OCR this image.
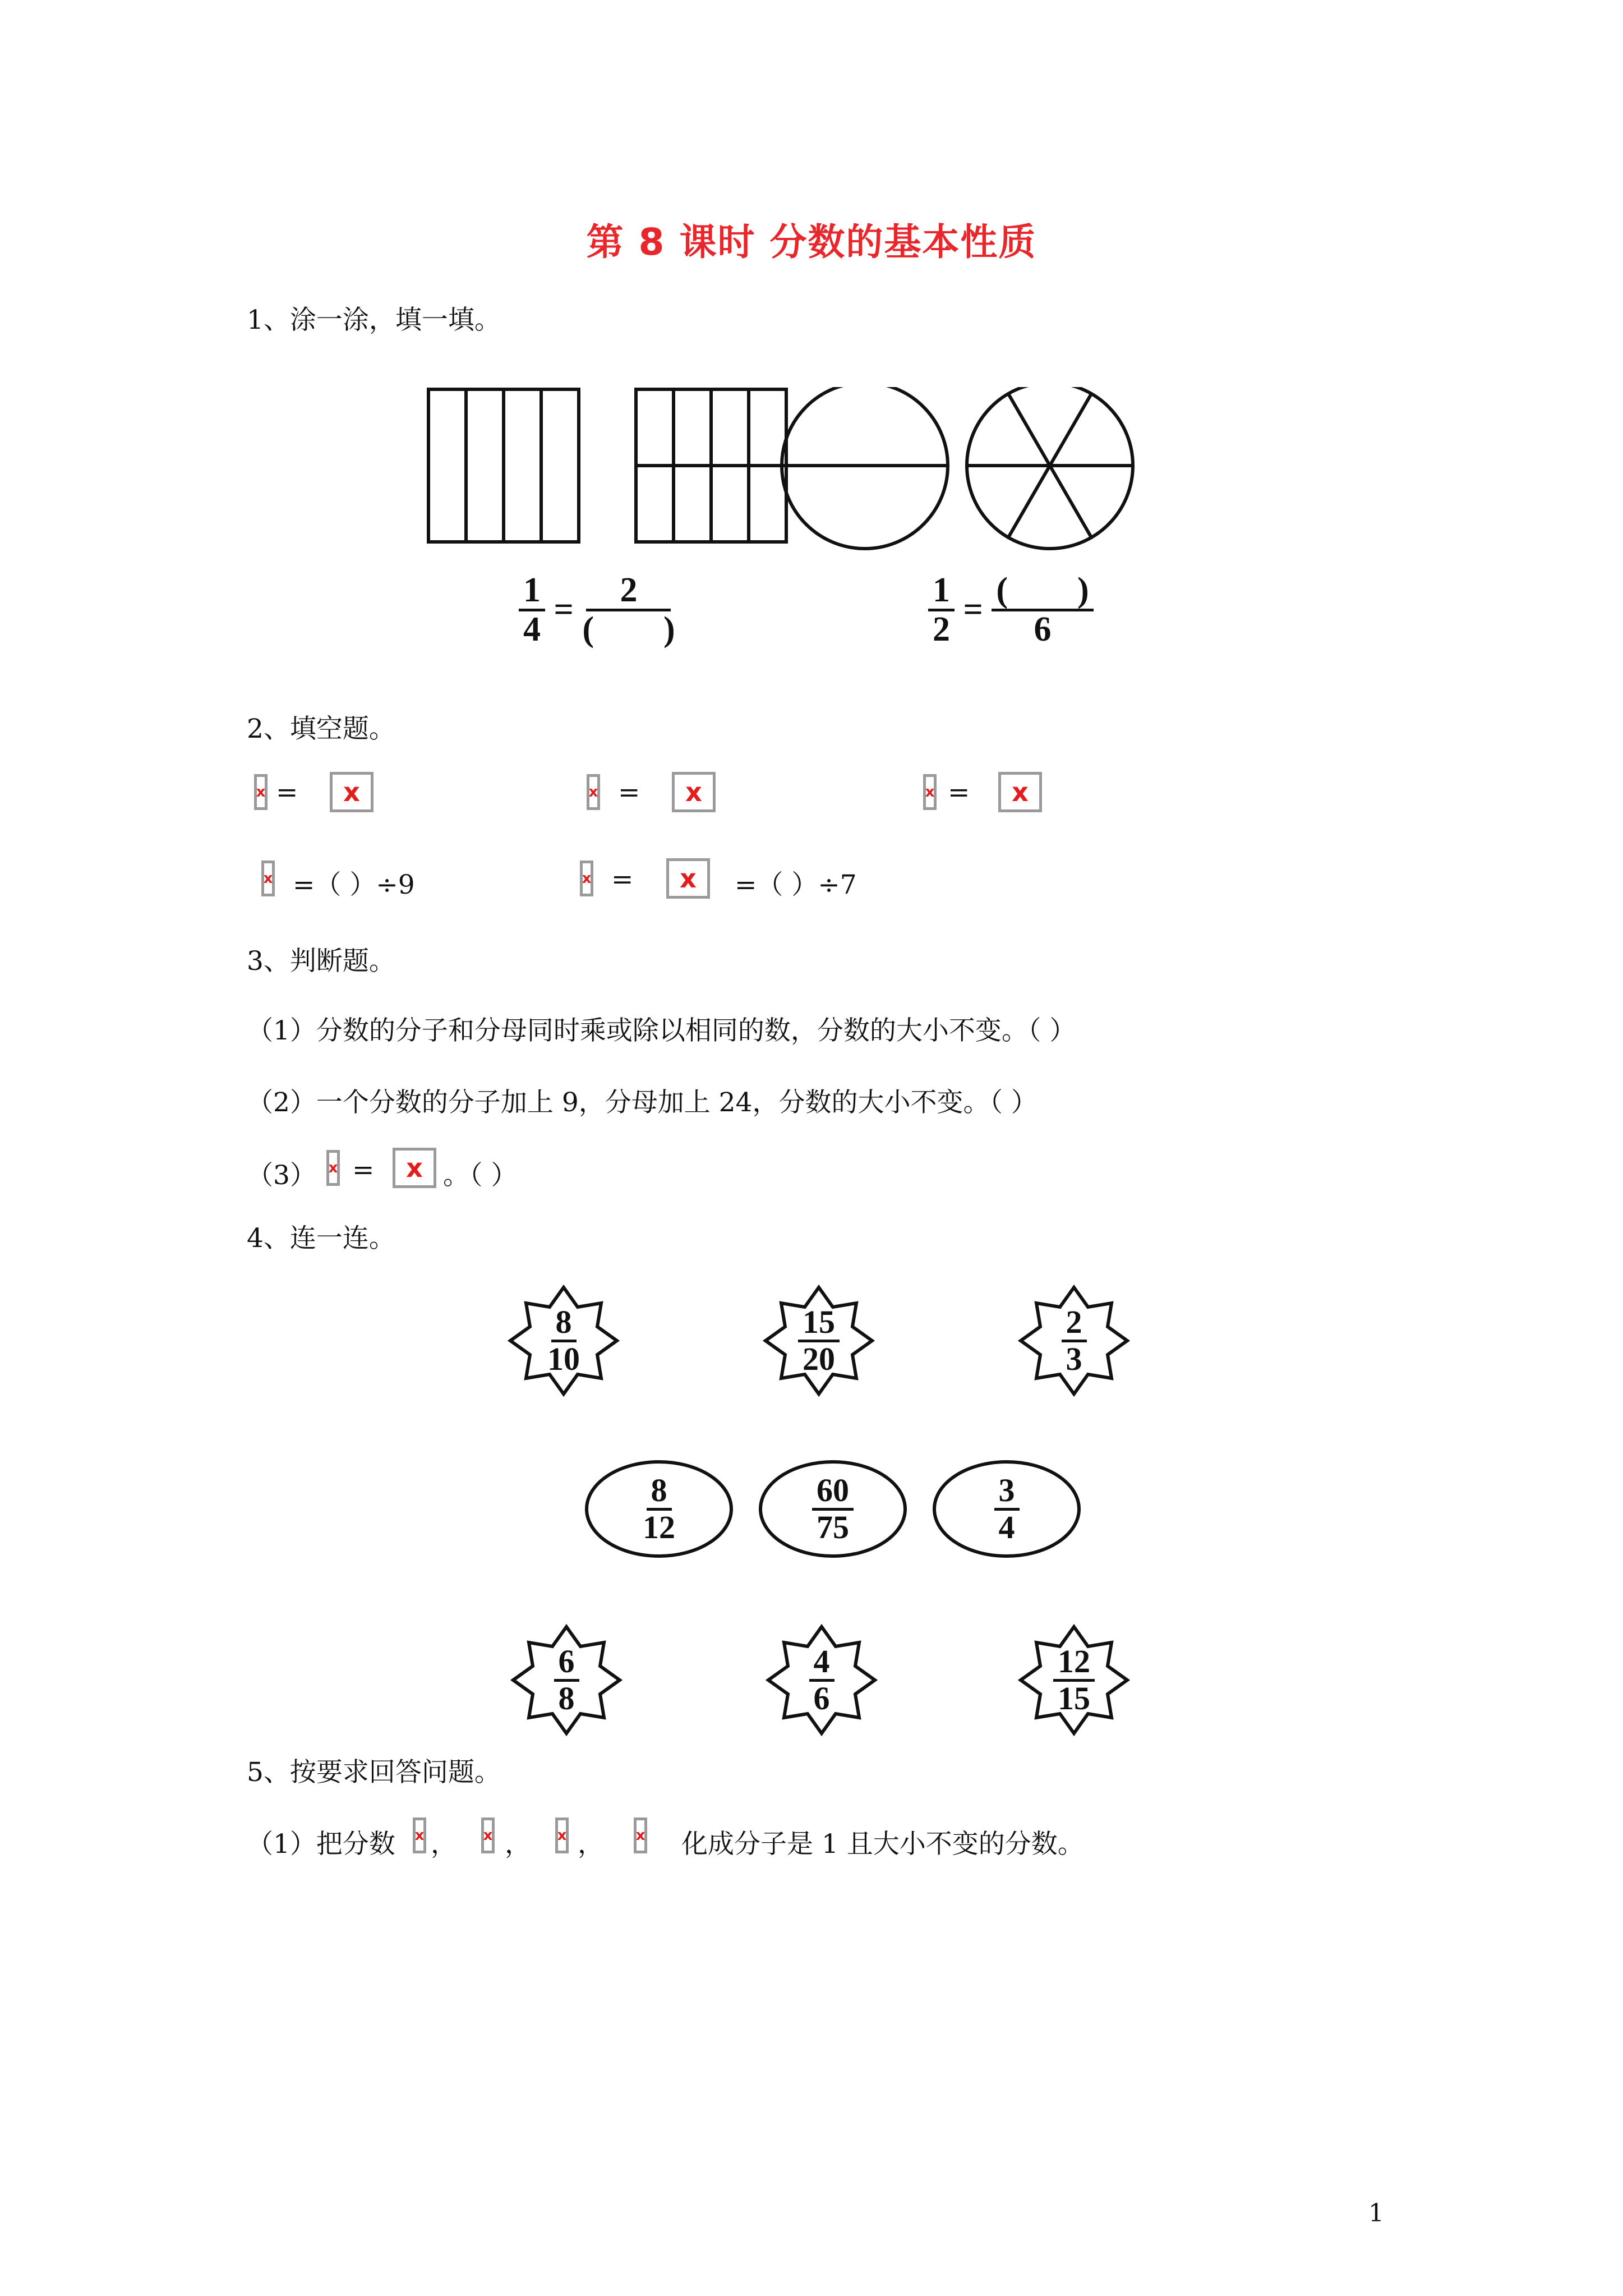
第 8 课时 分数的基本性质
1、涂一涂，填一填。
$\frac{1}{4}$ =
2
(        )	$\frac{1}{2}$ =
(        )
6
2、填空题。
x = x	x = x	x = x
x =（ ）÷9	x = x =（ ）÷7
3、判断题。
（1）分数的分子和分母同时乘或除以相同的数，分数的大小不变。（ ）
（2）一个分数的分子加上 9，分母加上 24，分数的大小不变。（ ）
（3） x = x 。（ ）
4、连一连。
8
10
15
20
2
3
8
12
60
75
3
4
6
8
4
6
12
15
5、按要求回答问题。
（1）把分数 x ， x ， x ， x 化成分子是 1 且大小不变的分数。
1
